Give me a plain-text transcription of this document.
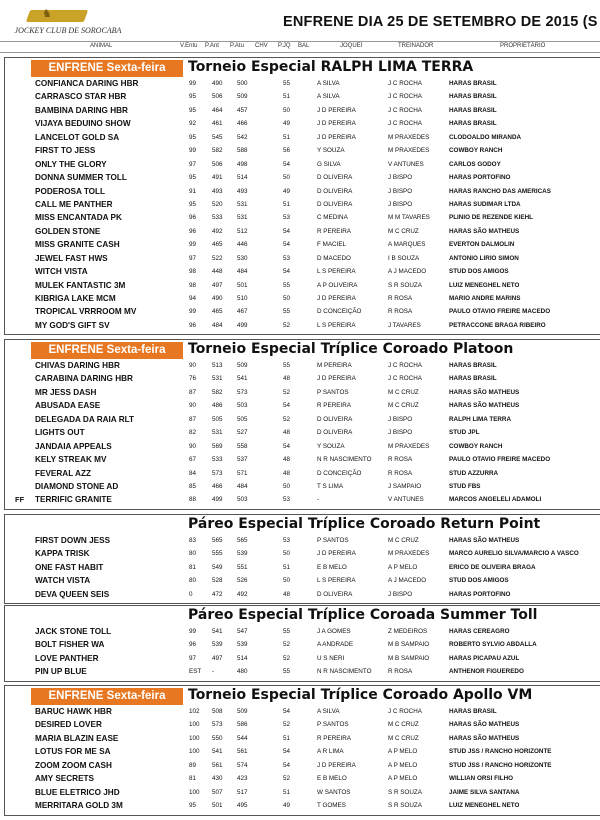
♞
JOCKEY CLUB DE SOROCABA
ENFRENE DIA 25 DE SETEMBRO DE 2015 (S
ANIMAL	V.Entu P.Ant P.Atu CHV P.JQ BAL	JOQUEI	TREINADOR	PROPRIETÁRIO
ENFRENE Sexta-feira	Torneio Especial RALPH LIMA TERRA
CONFIANCA DARING HBR	99	490 500	55	A SILVA	J C ROCHA	HARAS BRASIL
CARRASCO STAR HBR	95	506 509	51	A SILVA	J C ROCHA	HARAS BRASIL
BAMBINA DARING HBR	95	464 457	50	J D PEREIRA	J C ROCHA	HARAS BRASIL
VIJAYA BEDUINO SHOW	92	461 466	49	J D PEREIRA	J C ROCHA	HARAS BRASIL
LANCELOT GOLD SA	95	545 542	51	J D PEREIRA	M PRAXEDES	CLODOALDO MIRANDA
FIRST TO JESS	99	582 588	56	Y SOUZA	M PRAXEDES	COWBOY RANCH
ONLY THE GLORY	97	506 498	54	G SILVA	V ANTUNES	CARLOS GODOY
DONNA SUMMER TOLL	95	491 514	50	D OLIVEIRA	J BISPO	HARAS PORTOFINO
PODEROSA TOLL	91	493 493	49	D OLIVEIRA	J BISPO	HARAS RANCHO DAS AMERICAS
CALL ME PANTHER	95	520 531	51	D OLIVEIRA	J BISPO	HARAS SUDIMAR LTDA
MISS ENCANTADA PK	96	533 531	53	C MEDINA	M M TAVARES	PLINIO DE REZENDE KIEHL
GOLDEN STONE	96	492 512	54	R PEREIRA	M C CRUZ	HARAS SÃO MATHEUS
MISS GRANITE CASH	99	465 446	54	F MACIEL	A MARQUES	EVERTON DALMOLIN
JEWEL FAST HWS	97	522 530	53	D MACEDO	I B SOUZA	ANTONIO LIRIO SIMON
WITCH VISTA	98	448 484	54	L S PEREIRA	A J MACEDO	STUD DOS AMIGOS
MULEK FANTASTIC 3M	98	497 501	55	A P OLIVEIRA	S R SOUZA	LUIZ MENEGHEL NETO
KIBRIGA LAKE MCM	94	490 510	50	J D PEREIRA	R ROSA	MARIO ANDRE MARINS
TROPICAL VRRROOM MV	99	465 467	55	D CONCEIÇÃO	R ROSA	PAULO OTAVIO FREIRE MACEDO
MY GOD'S GIFT SV	96	484 499	52	L S PEREIRA	J TAVARES	PETRACCONE BRAGA RIBEIRO
ENFRENE Sexta-feira	Torneio Especial Tríplice Coroado Platoon
CHIVAS DARING HBR	90	513 509	55	M PEREIRA	J C ROCHA	HARAS BRASIL
CARABINA DARING HBR	76	531 541	48	J D PEREIRA	J C ROCHA	HARAS BRASIL
MR JESS DASH	87	582 573	52	P SANTOS	M C CRUZ	HARAS SÃO MATHEUS
ABUSADA EASE	90	486 503	54	R PEREIRA	M C CRUZ	HARAS SÃO MATHEUS
DELEGADA DA RAIA RLT	87	505 505	52	D OLIVEIRA	J BISPO	RALPH LIMA TERRA
LIGHTS OUT	82	531 527	48	D OLIVEIRA	J BISPO	STUD JPL
JANDAIA APPEALS	90	569 558	54	Y SOUZA	M PRAXEDES	COWBOY RANCH
KELY STREAK MV	67	533 537	48	N R NASCIMENTO	R ROSA	PAULO OTAVIO FREIRE MACEDO
FEVERAL AZZ	84	573 571	48	D CONCEIÇÃO	R ROSA	STUD AZZURRA
DIAMOND STONE AD	85	466 484	50	T S LIMA	J SAMPAIO	STUD FBS
FF TERRIFIC GRANITE	88	499 503	53	-	V ANTUNES	MARCOS ANGELELI ADAMOLI
Páreo Especial Tríplice Coroado Return Point
FIRST DOWN JESS	83	565 565	53	P SANTOS	M C CRUZ	HARAS SÃO MATHEUS
KAPPA TRISK	80	555 539	50	J D PEREIRA	M PRAXEDES	MARCO AURELIO SILVA/MARCIO A VASCO
ONE FAST HABIT	81	549 551	51	E B MELO	A P MELO	ERICO DE OLIVEIRA BRAGA
WATCH VISTA	80	528 526	50	L S PEREIRA	A J MACEDO	STUD DOS AMIGOS
DEVA QUEEN SEIS	0	472 492	48	D OLIVEIRA	J BISPO	HARAS PORTOFINO
Páreo Especial Tríplice Coroada Summer Toll
JACK STONE TOLL	99	541 547	55	J A GOMES	Z MEDEIROS	HARAS CEREAGRO
BOLT FISHER WA	96	539 539	52	A ANDRADE	M B SAMPAIO	ROBERTO SYLVIO ABDALLA
LOVE PANTHER	97	497 514	52	U S NERI	M B SAMPAIO	HARAS PICAPAU AZUL
PIN UP BLUE	EST -	480	55	N R NASCIMENTO	R ROSA	ANTHENOR FIGUEREDO
ENFRENE Sexta-feira	Torneio Especial Tríplice Coroado Apollo VM
BARUC HAWK HBR	102 508 509	54	A SILVA	J C ROCHA	HARAS BRASIL
DESIRED LOVER	100 573 586	52	P SANTOS	M C CRUZ	HARAS SÃO MATHEUS
MARIA BLAZIN EASE	100 550 544	51	R PEREIRA	M C CRUZ	HARAS SÃO MATHEUS
LOTUS FOR ME SA	100 541 561	54	A R LIMA	A P MELO	STUD JSS / RANCHO HORIZONTE
ZOOM ZOOM CASH	89	561 574	54	J D PEREIRA	A P MELO	STUD JSS / RANCHO HORIZONTE
AMY SECRETS	81	430 423	52	E B MELO	A P MELO	WILLIAN ORSI FILHO
BLUE ELETRICO JHD	100 507 517	51	W SANTOS	S R SOUZA	JAIME SILVA SANTANA
MERRITARA GOLD 3M	95	501 495	49	T GOMES	S R SOUZA	LUIZ MENEGHEL NETO
